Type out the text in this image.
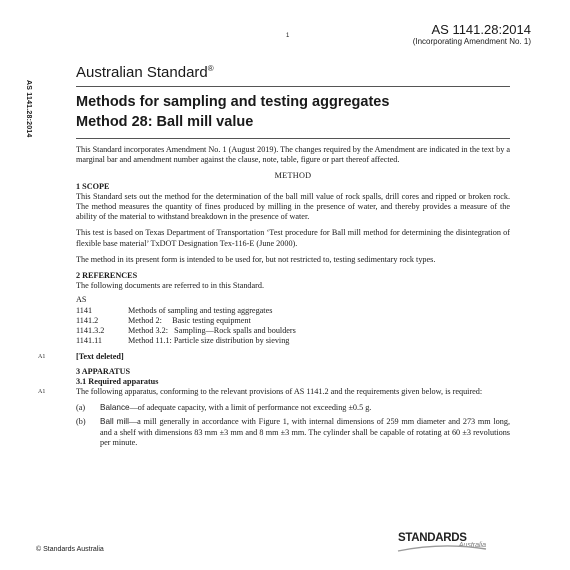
AS 1141.28:2014
(Incorporating Amendment No. 1)
1
AS 1141.28:2014
Australian Standard®
Methods for sampling and testing aggregates
Method 28: Ball mill value

This Standard incorporates Amendment No. 1 (August 2019). The changes required by the Amendment are indicated in the text by a marginal bar and amendment number against the clause, note, table, figure or part thereof affected.

METHOD

1 SCOPE

This Standard sets out the method for the determination of the ball mill value of rock spalls, drill cores and ripped or broken rock. The method measures the quantity of fines produced by milling in the presence of water, and thereby provides a measure of the ability of the material to withstand breakdown in the presence of water.

This test is based on Texas Department of Transportation ‘Test procedure for Ball mill method for determining the disintegration of flexible base material’ TxDOT Designation Tex-116-E (June 2000).

The method in its present form is intended to be used for, but not restricted to, testing sedimentary rock types.

2 REFERENCES

The following documents are referred to in this Standard.

AS
1141	Methods of sampling and testing aggregates
1141.2	Method 2:     Basic testing equipment
1141.3.2	Method 3.2:   Sampling—Rock spalls and boulders
1141.11	Method 11.1: Particle size distribution by sieving
A1	[Text deleted]

3 APPARATUS

3.1 Required apparatus

A1	The following apparatus, conforming to the relevant provisions of AS 1141.2 and the requirements given below, is required:

(a)	Balance—of adequate capacity, with a limit of performance not exceeding ±0.5 g.
(b)	Ball mill—a mill generally in accordance with Figure 1, with internal dimensions of 259 mm diameter and 273 mm long, and a shelf with dimensions 83 mm ±3 mm and 8 mm ±3 mm. The cylinder shall be capable of rotating at 60 ±3 revolutions per minute.
© Standards Australia
STANDARDS
Australia
